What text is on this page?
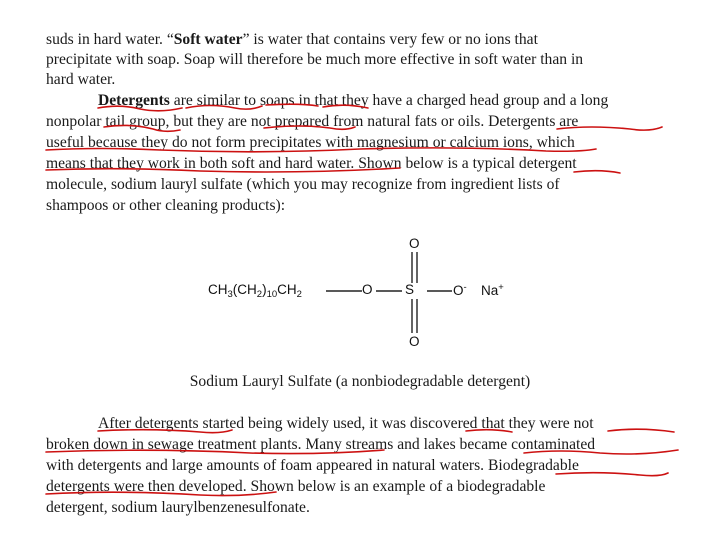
suds in hard water. “Soft water” is water that contains very few or no ions that
precipitate with soap. Soap will therefore be much more effective in soft water than in
hard water.
Detergents are similar to soaps in that they have a charged head group and a long
nonpolar tail group, but they are not prepared from natural fats or oils. Detergents are
useful because they do not form precipitates with magnesium or calcium ions, which
means that they work in both soft and hard water. Shown below is a typical detergent
molecule, sodium lauryl sulfate (which you may recognize from ingredient lists of
shampoos or other cleaning products):
$CH_3(CH_2)_{10}CH_2$	O
O
S
O
O- Na+
Sodium Lauryl Sulfate (a nonbiodegradable detergent)
After detergents started being widely used, it was discovered that they were not
broken down in sewage treatment plants. Many streams and lakes became contaminated
with detergents and large amounts of foam appeared in natural waters. Biodegradable
detergents were then developed. Shown below is an example of a biodegradable
detergent, sodium laurylbenzenesulfonate.
